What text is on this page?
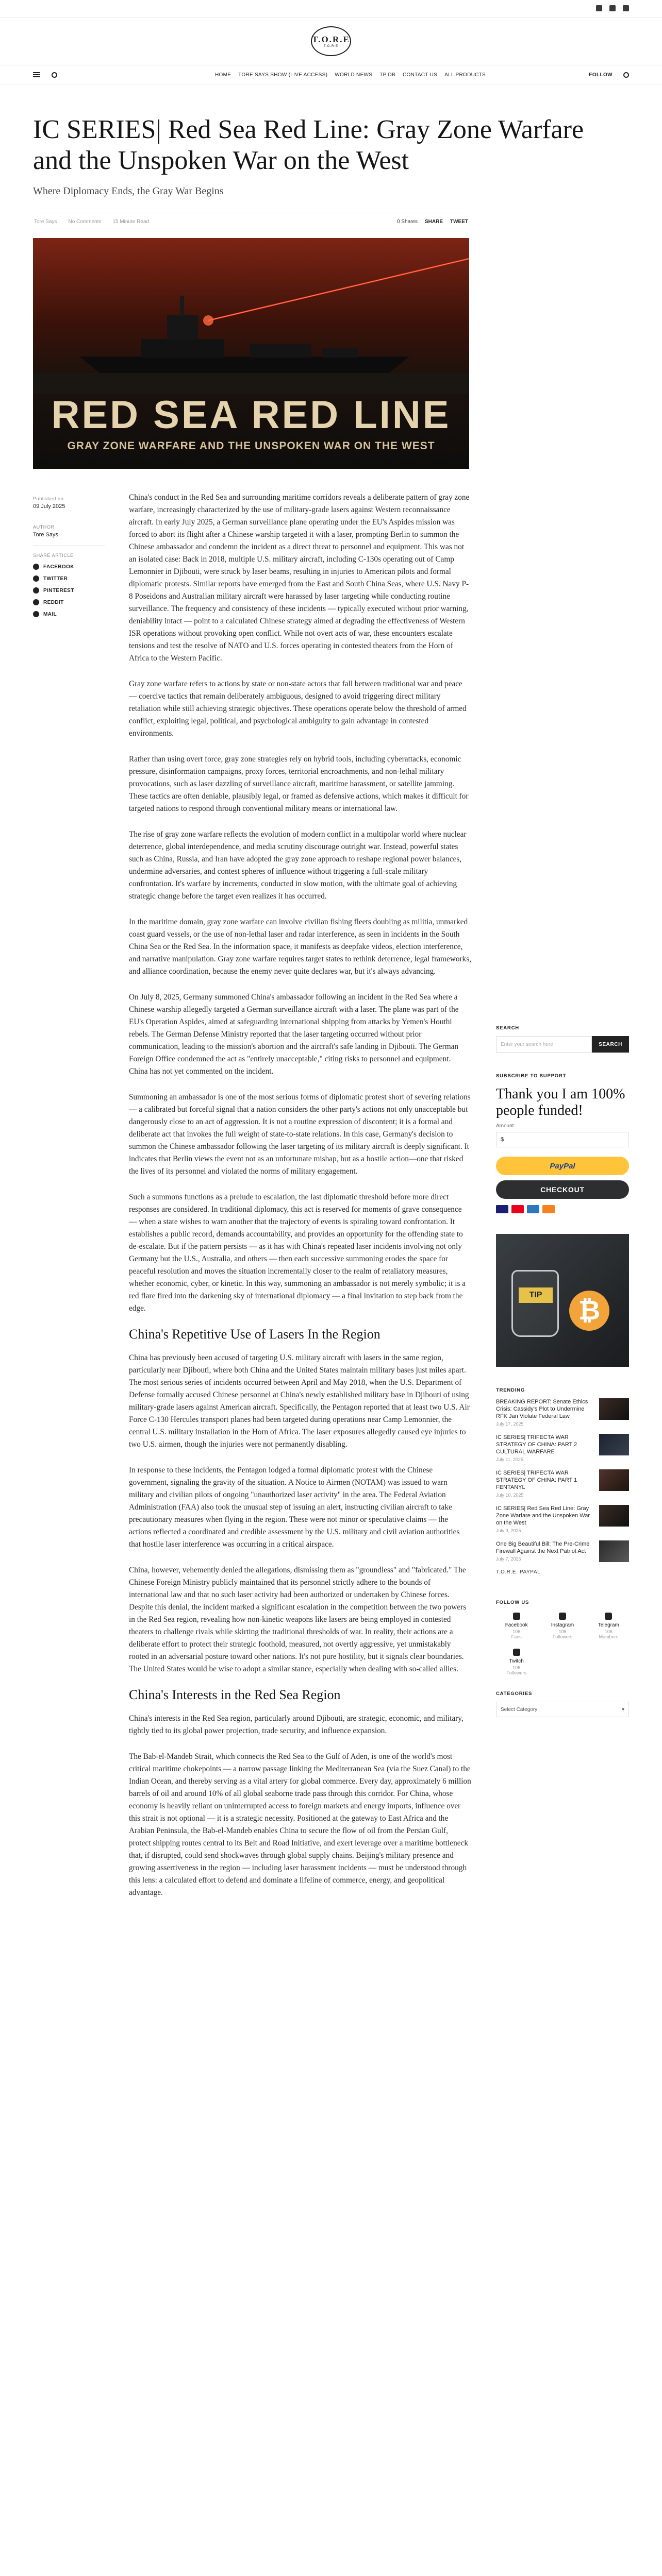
T.O.R.E
T.O.R.E
HOME TORE SAYS SHOW (LIVE ACCESS) WORLD NEWS TP DB CONTACT US ALL PRODUCTS	FOLLOW
IC SERIES| Red Sea Red Line: Gray Zone Warfare and the Unspoken War on the West
Where Diplomacy Ends, the Gray War Begins
Tore Says No Comments 15 Minute Read	0 Shares SHARE TWEET
RED SEA RED LINE
GRAY ZONE WARFARE AND THE UNSPOKEN WAR ON THE WEST
Published on
09 July 2025
AUTHOR
Tore Says
SHARE ARTICLE
FACEBOOK
TWITTER
PINTEREST
REDDIT
MAIL

China's conduct in the Red Sea and surrounding maritime corridors reveals a deliberate pattern of gray zone warfare, increasingly characterized by the use of military-grade lasers against Western reconnaissance aircraft. In early July 2025, a German surveillance plane operating under the EU's Aspides mission was forced to abort its flight after a Chinese warship targeted it with a laser, prompting Berlin to summon the Chinese ambassador and condemn the incident as a direct threat to personnel and equipment. This was not an isolated case: Back in 2018, multiple U.S. military aircraft, including C-130s operating out of Camp Lemonnier in Djibouti, were struck by laser beams, resulting in injuries to American pilots and formal diplomatic protests. Similar reports have emerged from the East and South China Seas, where U.S. Navy P-8 Poseidons and Australian military aircraft were harassed by laser targeting while conducting routine surveillance. The frequency and consistency of these incidents — typically executed without prior warning, deniability intact — point to a calculated Chinese strategy aimed at degrading the effectiveness of Western ISR operations without provoking open conflict. While not overt acts of war, these encounters escalate tensions and test the resolve of NATO and U.S. forces operating in contested theaters from the Horn of Africa to the Western Pacific.

Gray zone warfare refers to actions by state or non-state actors that fall between traditional war and peace — coercive tactics that remain deliberately ambiguous, designed to avoid triggering direct military retaliation while still achieving strategic objectives. These operations operate below the threshold of armed conflict, exploiting legal, political, and psychological ambiguity to gain advantage in contested environments.

Rather than using overt force, gray zone strategies rely on hybrid tools, including cyberattacks, economic pressure, disinformation campaigns, proxy forces, territorial encroachments, and non-lethal military provocations, such as laser dazzling of surveillance aircraft, maritime harassment, or satellite jamming. These tactics are often deniable, plausibly legal, or framed as defensive actions, which makes it difficult for targeted nations to respond through conventional military means or international law.

The rise of gray zone warfare reflects the evolution of modern conflict in a multipolar world where nuclear deterrence, global interdependence, and media scrutiny discourage outright war. Instead, powerful states such as China, Russia, and Iran have adopted the gray zone approach to reshape regional power balances, undermine adversaries, and contest spheres of influence without triggering a full-scale military confrontation. It's warfare by increments, conducted in slow motion, with the ultimate goal of achieving strategic change before the target even realizes it has occurred.

In the maritime domain, gray zone warfare can involve civilian fishing fleets doubling as militia, unmarked coast guard vessels, or the use of non-lethal laser and radar interference, as seen in incidents in the South China Sea or the Red Sea. In the information space, it manifests as deepfake videos, election interference, and narrative manipulation. Gray zone warfare requires target states to rethink deterrence, legal frameworks, and alliance coordination, because the enemy never quite declares war, but it's always advancing.

On July 8, 2025, Germany summoned China's ambassador following an incident in the Red Sea where a Chinese warship allegedly targeted a German surveillance aircraft with a laser. The plane was part of the EU's Operation Aspides, aimed at safeguarding international shipping from attacks by Yemen's Houthi rebels. The German Defense Ministry reported that the laser targeting occurred without prior communication, leading to the mission's abortion and the aircraft's safe landing in Djibouti. The German Foreign Office condemned the act as "entirely unacceptable," citing risks to personnel and equipment. China has not yet commented on the incident.

Summoning an ambassador is one of the most serious forms of diplomatic protest short of severing relations — a calibrated but forceful signal that a nation considers the other party's actions not only unacceptable but dangerously close to an act of aggression. It is not a routine expression of discontent; it is a formal and deliberate act that invokes the full weight of state-to-state relations. In this case, Germany's decision to summon the Chinese ambassador following the laser targeting of its military aircraft is deeply significant. It indicates that Berlin views the event not as an unfortunate mishap, but as a hostile action—one that risked the lives of its personnel and violated the norms of military engagement.

Such a summons functions as a prelude to escalation, the last diplomatic threshold before more direct responses are considered. In traditional diplomacy, this act is reserved for moments of grave consequence — when a state wishes to warn another that the trajectory of events is spiraling toward confrontation. It establishes a public record, demands accountability, and provides an opportunity for the offending state to de-escalate. But if the pattern persists — as it has with China's repeated laser incidents involving not only Germany but the U.S., Australia, and others — then each successive summoning erodes the space for peaceful resolution and moves the situation incrementally closer to the realm of retaliatory measures, whether economic, cyber, or kinetic. In this way, summoning an ambassador is not merely symbolic; it is a red flare fired into the darkening sky of international diplomacy — a final invitation to step back from the edge.

China's Repetitive Use of Lasers In the Region

China has previously been accused of targeting U.S. military aircraft with lasers in the same region, particularly near Djibouti, where both China and the United States maintain military bases just miles apart. The most serious series of incidents occurred between April and May 2018, when the U.S. Department of Defense formally accused Chinese personnel at China's newly established military base in Djibouti of using military-grade lasers against American aircraft. Specifically, the Pentagon reported that at least two U.S. Air Force C-130 Hercules transport planes had been targeted during operations near Camp Lemonnier, the central U.S. military installation in the Horn of Africa. The laser exposures allegedly caused eye injuries to two U.S. airmen, though the injuries were not permanently disabling.

In response to these incidents, the Pentagon lodged a formal diplomatic protest with the Chinese government, signaling the gravity of the situation. A Notice to Airmen (NOTAM) was issued to warn military and civilian pilots of ongoing "unauthorized laser activity" in the area. The Federal Aviation Administration (FAA) also took the unusual step of issuing an alert, instructing civilian aircraft to take precautionary measures when flying in the region. These were not minor or speculative claims — the actions reflected a coordinated and credible assessment by the U.S. military and civil aviation authorities that hostile laser interference was occurring in a critical airspace.

China, however, vehemently denied the allegations, dismissing them as "groundless" and "fabricated." The Chinese Foreign Ministry publicly maintained that its personnel strictly adhere to the bounds of international law and that no such laser activity had been authorized or undertaken by Chinese forces. Despite this denial, the incident marked a significant escalation in the competition between the two powers in the Red Sea region, revealing how non-kinetic weapons like lasers are being employed in contested theaters to challenge rivals while skirting the traditional thresholds of war. In reality, their actions are a deliberate effort to protect their strategic foothold, measured, not overtly aggressive, yet unmistakably rooted in an adversarial posture toward other nations. It's not pure hostility, but it signals clear boundaries. The United States would be wise to adopt a similar stance, especially when dealing with so-called allies.

China's Interests in the Red Sea Region

China's interests in the Red Sea region, particularly around Djibouti, are strategic, economic, and military, tightly tied to its global power projection, trade security, and influence expansion.

The Bab-el-Mandeb Strait, which connects the Red Sea to the Gulf of Aden, is one of the world's most critical maritime chokepoints — a narrow passage linking the Mediterranean Sea (via the Suez Canal) to the Indian Ocean, and thereby serving as a vital artery for global commerce. Every day, approximately 6 million barrels of oil and around 10% of all global seaborne trade pass through this corridor. For China, whose economy is heavily reliant on uninterrupted access to foreign markets and energy imports, influence over this strait is not optional — it is a strategic necessity. Positioned at the gateway to East Africa and the Arabian Peninsula, the Bab-el-Mandeb enables China to secure the flow of oil from the Persian Gulf, protect shipping routes central to its Belt and Road Initiative, and exert leverage over a maritime bottleneck that, if disrupted, could send shockwaves through global supply chains. Beijing's military presence and growing assertiveness in the region — including laser harassment incidents — must be understood through this lens: a calculated effort to defend and dominate a lifeline of commerce, energy, and geopolitical advantage.

SEARCH
Enter your search here	SEARCH
SUBSCRIBE TO SUPPORT
Thank you I am 100% people funded!
Amount
$
PayPal
CHECKOUT
TIP
₿
TRENDING
BREAKING REPORT: Senate Ethics Crisis: Cassidy's Plot to Undermine RFK Jan Violate Federal Law
July 17, 2025
IC SERIES| TRIFECTA WAR STRATEGY OF CHINA: PART 2 CULTURAL WARFARE
July 11, 2025
IC SERIES| TRIFECTA WAR STRATEGY OF CHINA: PART 1 FENTANYL
July 10, 2025
IC SERIES| Red Sea Red Line: Gray Zone Warfare and the Unspoken War on the West
July 9, 2025
One Big Beautiful Bill: The Pre-Crime Firewall Against the Next Patriot Act
July 7, 2025
T.O.R.E. PAYPAL
FOLLOW US
Facebook
106
Fans
Instagram
106
Followers
Telegram
106
Members
Twitch
106
Followers
CATEGORIES
Select Category	▾
